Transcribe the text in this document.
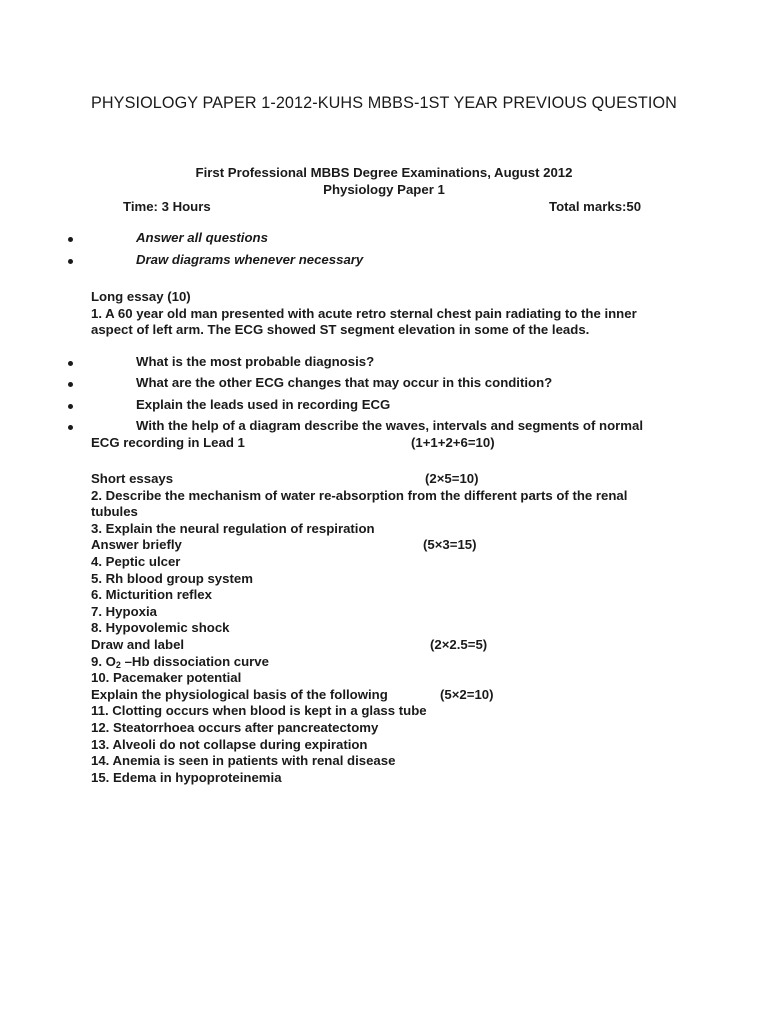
PHYSIOLOGY PAPER 1-2012-KUHS MBBS-1ST YEAR PREVIOUS QUESTION
First Professional MBBS Degree Examinations, August 2012
Physiology Paper 1
Time: 3 Hours	Total marks:50
Answer all questions
Draw diagrams whenever necessary
Long essay (10)
1. A 60 year old man presented with acute retro sternal chest pain radiating to the inner
aspect of left arm. The ECG showed ST segment elevation in some of the leads.
What is the most probable diagnosis?
What are the other ECG changes that may occur in this condition?
Explain the leads used in recording ECG
With the help of a diagram describe the waves, intervals and segments of normal
ECG recording in Lead 1	(1+1+2+6=10)
Short essays	(2×5=10)
2. Describe the mechanism of water re-absorption from the different parts of the renal
tubules
3. Explain the neural regulation of respiration
Answer briefly	(5×3=15)
4. Peptic ulcer
5. Rh blood group system
6. Micturition reflex
7. Hypoxia
8. Hypovolemic shock
Draw and label	(2×2.5=5)
9. $O_2$ –Hb dissociation curve
10. Pacemaker potential
Explain the physiological basis of the following	(5×2=10)
11. Clotting occurs when blood is kept in a glass tube
12. Steatorrhoea occurs after pancreatectomy
13. Alveoli do not collapse during expiration
14. Anemia is seen in patients with renal disease
15. Edema in hypoproteinemia
